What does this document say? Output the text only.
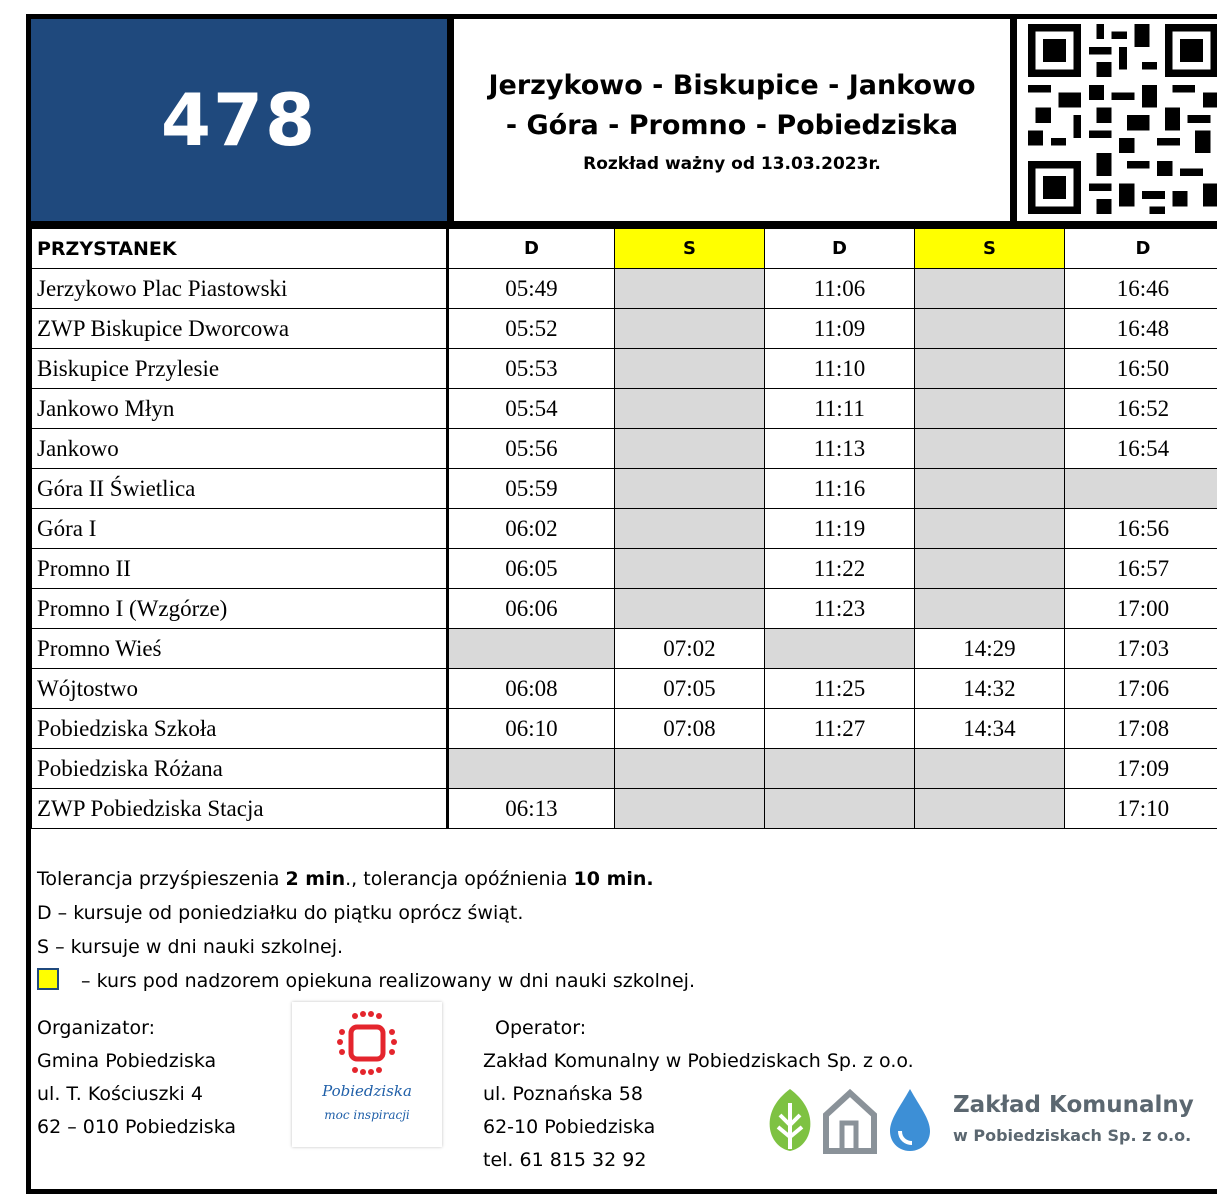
478	Jerzykowo - Biskupice - Jankowo
- Góra - Promno - Pobiedziska
Rozkład ważny od 13.03.2023r.
PRZYSTANEK	D	S	D	S	D
Jerzykowo Plac Piastowski	05:49		11:06		16:46
ZWP Biskupice Dworcowa	05:52		11:09		16:48
Biskupice Przylesie	05:53		11:10		16:50
Jankowo Młyn	05:54		11:11		16:52
Jankowo	05:56		11:13		16:54
Góra II Świetlica	05:59		11:16		
Góra I	06:02		11:19		16:56
Promno II	06:05		11:22		16:57
Promno I (Wzgórze)	06:06		11:23		17:00
Promno Wieś		07:02		14:29	17:03
Wójtostwo	06:08	07:05	11:25	14:32	17:06
Pobiedziska Szkoła	06:10	07:08	11:27	14:34	17:08
Pobiedziska Różana					17:09
ZWP Pobiedziska Stacja	06:13				17:10
Tolerancja przyśpieszenia 2 min., tolerancja opóźnienia 10 min.
D – kursuje od poniedziałku do piątku oprócz świąt.
S – kursuje w dni nauki szkolnej.
– kurs pod nadzorem opiekuna realizowany w dni nauki szkolnej.
Organizator:
Gmina Pobiedziska
ul. T. Kościuszki 4
62 – 010 Pobiedziska
Pobiedziska
moc inspiracji
Operator:
Zakład Komunalny w Pobiedziskach Sp. z o.o.
ul. Poznańska 58
62-10 Pobiedziska
tel. 61 815 32 92
Zakład Komunalny
w Pobiedziskach Sp. z o.o.
